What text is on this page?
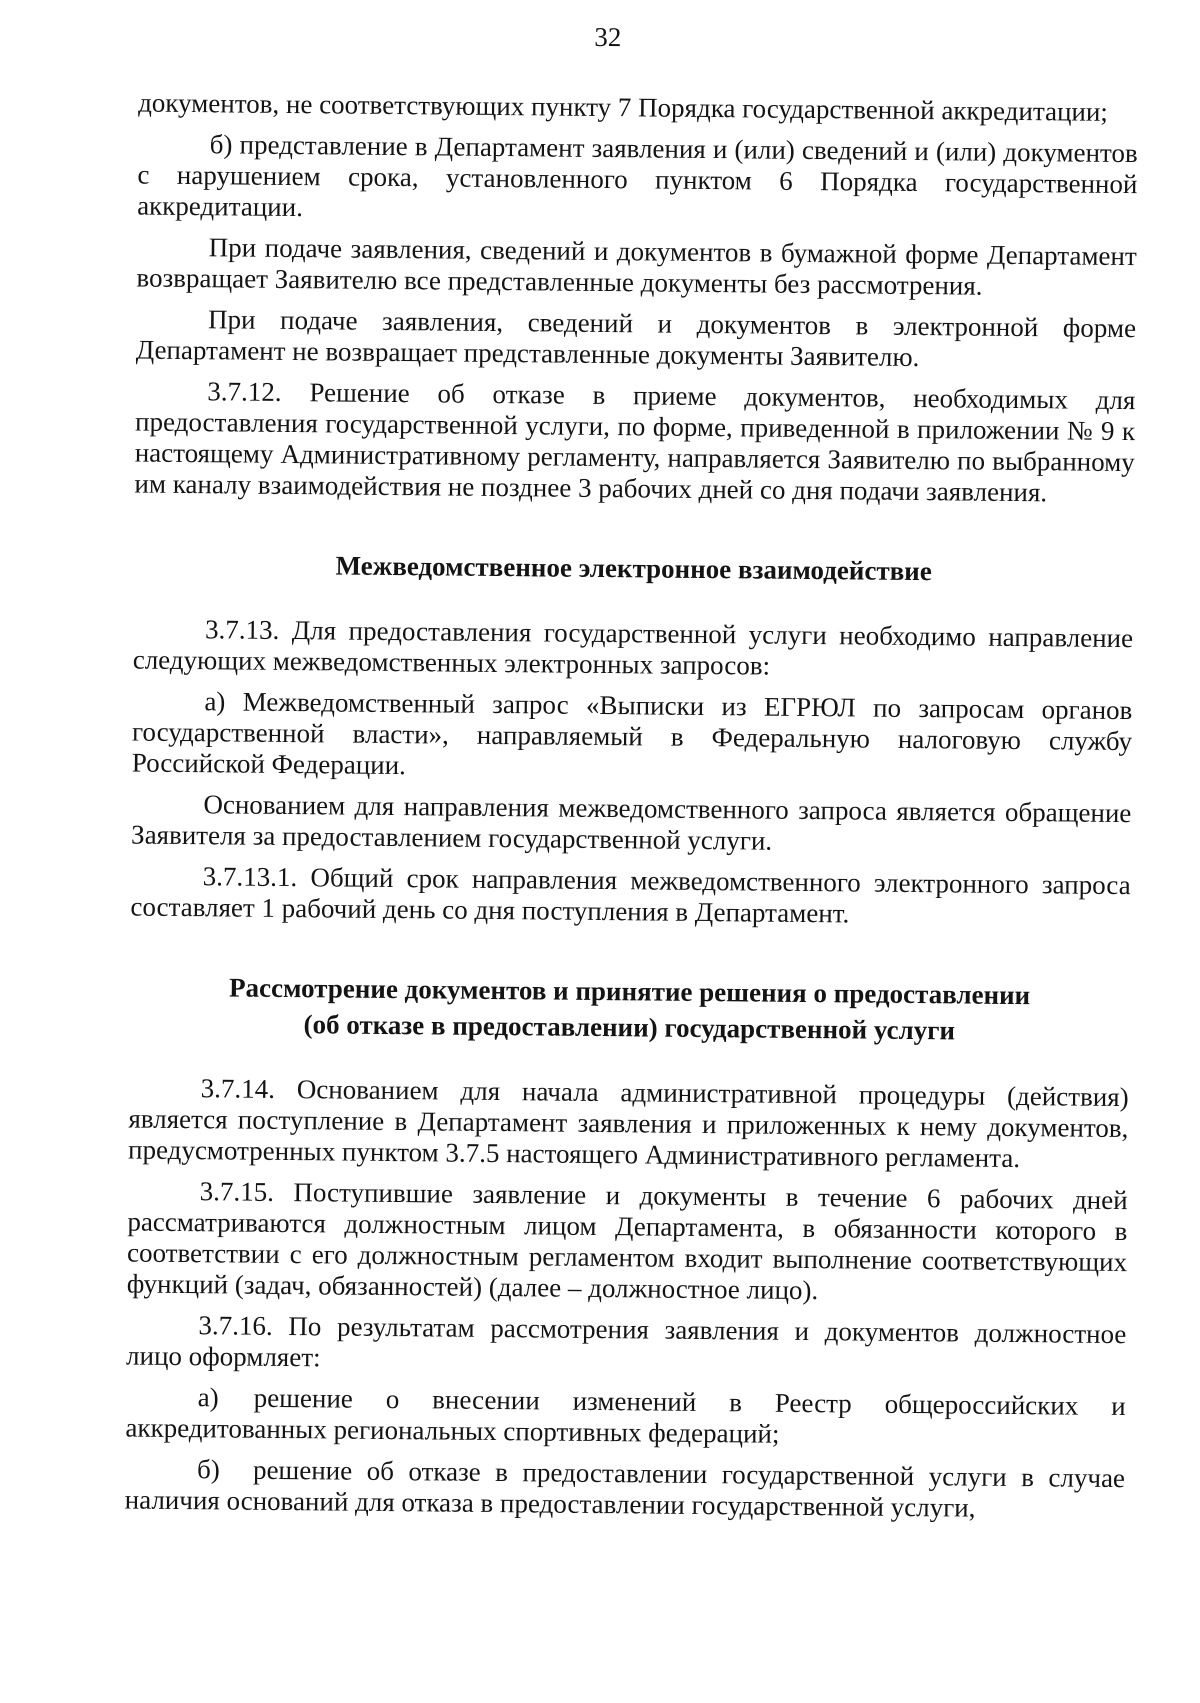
32

документов, не соответствующих пункту 7 Порядка государственной аккредитации;

б) представление в Департамент заявления и (или) сведений и (или) документов с нарушением срока, установленного пунктом 6 Порядка государственной аккредитации.

При подаче заявления, сведений и документов в бумажной форме Департамент возвращает Заявителю все представленные документы без рассмотрения.

При подаче заявления, сведений и документов в электронной форме Департамент не возвращает представленные документы Заявителю.

3.7.12. Решение об отказе в приеме документов, необходимых для предоставления государственной услуги, по форме, приведенной в приложении № 9 к настоящему Административному регламенту, направляется Заявителю по выбранному им каналу взаимодействия не позднее 3 рабочих дней со дня подачи заявления.

Межведомственное электронное взаимодействие

3.7.13. Для предоставления государственной услуги необходимо направление следующих межведомственных электронных запросов:

а) Межведомственный запрос «Выписки из ЕГРЮЛ по запросам органов государственной власти», направляемый в Федеральную налоговую службу Российской Федерации.

Основанием для направления межведомственного запроса является обращение Заявителя за предоставлением государственной услуги.

3.7.13.1. Общий срок направления межведомственного электронного запроса составляет 1 рабочий день со дня поступления в Департамент.

Рассмотрение документов и принятие решения о предоставлении
(об отказе в предоставлении) государственной услуги

3.7.14. Основанием для начала административной процедуры (действия) является поступление в Департамент заявления и приложенных к нему документов, предусмотренных пунктом 3.7.5 настоящего Административного регламента.

3.7.15. Поступившие заявление и документы в течение 6 рабочих дней рассматриваются должностным лицом Департамента, в обязанности которого в соответствии с его должностным регламентом входит выполнение соответствующих функций (задач, обязанностей) (далее – должностное лицо).

3.7.16. По результатам рассмотрения заявления и документов должностное лицо оформляет:

а) решение о внесении изменений в Реестр общероссийских и аккредитованных региональных спортивных федераций;

б) решение об отказе в предоставлении государственной услуги в случае наличия оснований для отказа в предоставлении государственной услуги,
